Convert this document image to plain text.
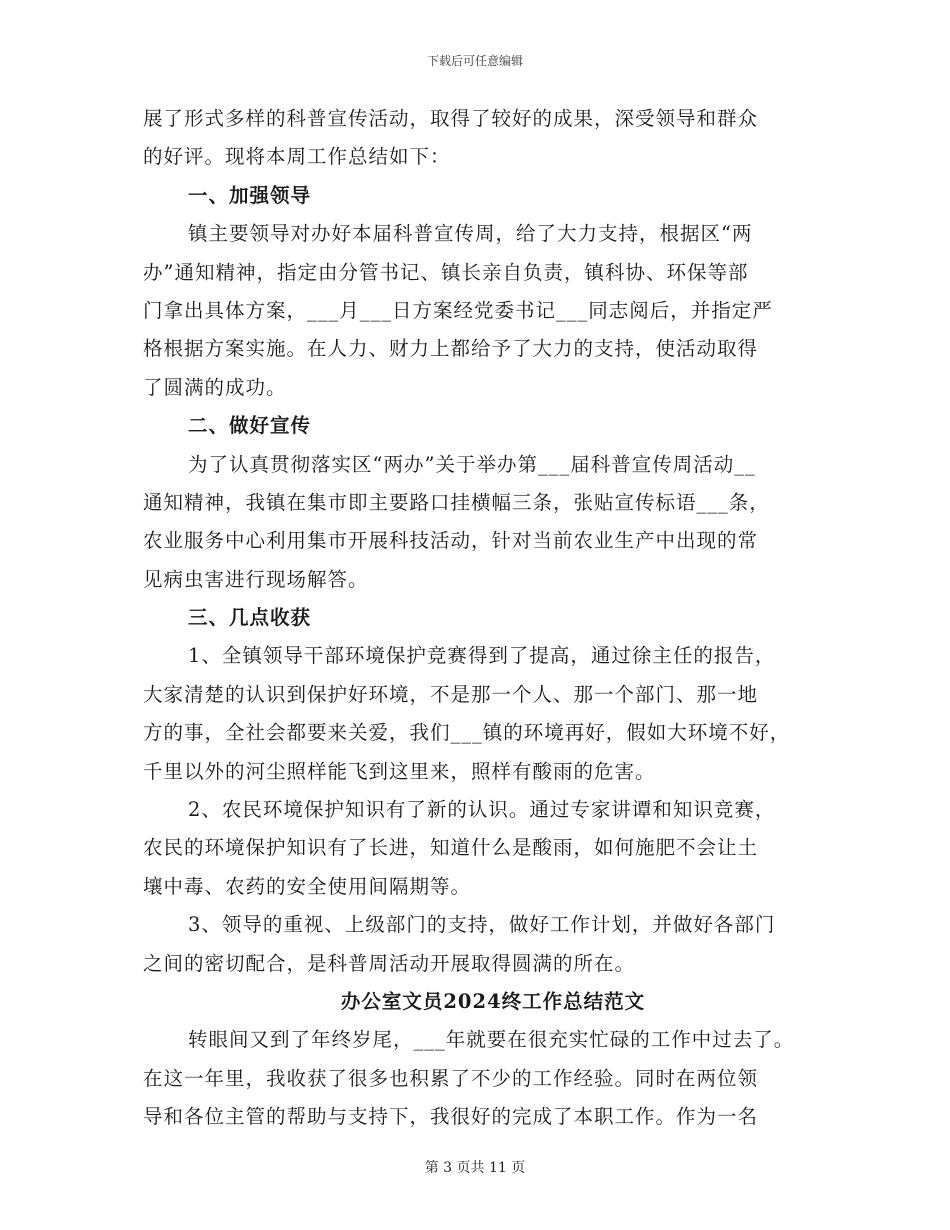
下载后可任意编辑
展了形式多样的科普宣传活动，取得了较好的成果，深受领导和群众
的好评。现将本周工作总结如下：
一、加强领导
镇主要领导对办好本届科普宣传周，给了大力支持，根据区“两
办”通知精神，指定由分管书记、镇长亲自负责，镇科协、环保等部
门拿出具体方案，___月___日方案经党委书记___同志阅后，并指定严
格根据方案实施。在人力、财力上都给予了大力的支持，使活动取得
了圆满的成功。
二、做好宣传
为了认真贯彻落实区“两办”关于举办第___届科普宣传周活动__
通知精神，我镇在集市即主要路口挂横幅三条，张贴宣传标语___条，
农业服务中心利用集市开展科技活动，针对当前农业生产中出现的常
见病虫害进行现场解答。
三、几点收获
1、全镇领导干部环境保护竞赛得到了提高，通过徐主任的报告，
大家清楚的认识到保护好环境，不是那一个人、那一个部门、那一地
方的事，全社会都要来关爱，我们___镇的环境再好，假如大环境不好，
千里以外的河尘照样能飞到这里来，照样有酸雨的危害。
2、农民环境保护知识有了新的认识。通过专家讲谭和知识竞赛，
农民的环境保护知识有了长进，知道什么是酸雨，如何施肥不会让土
壤中毒、农药的安全使用间隔期等。
3、领导的重视、上级部门的支持，做好工作计划，并做好各部门
之间的密切配合，是科普周活动开展取得圆满的所在。
办公室文员2024终工作总结范文
转眼间又到了年终岁尾，___年就要在很充实忙碌的工作中过去了。
在这一年里，我收获了很多也积累了不少的工作经验。同时在两位领
导和各位主管的帮助与支持下，我很好的完成了本职工作。作为一名
第 3 页共 11 页
